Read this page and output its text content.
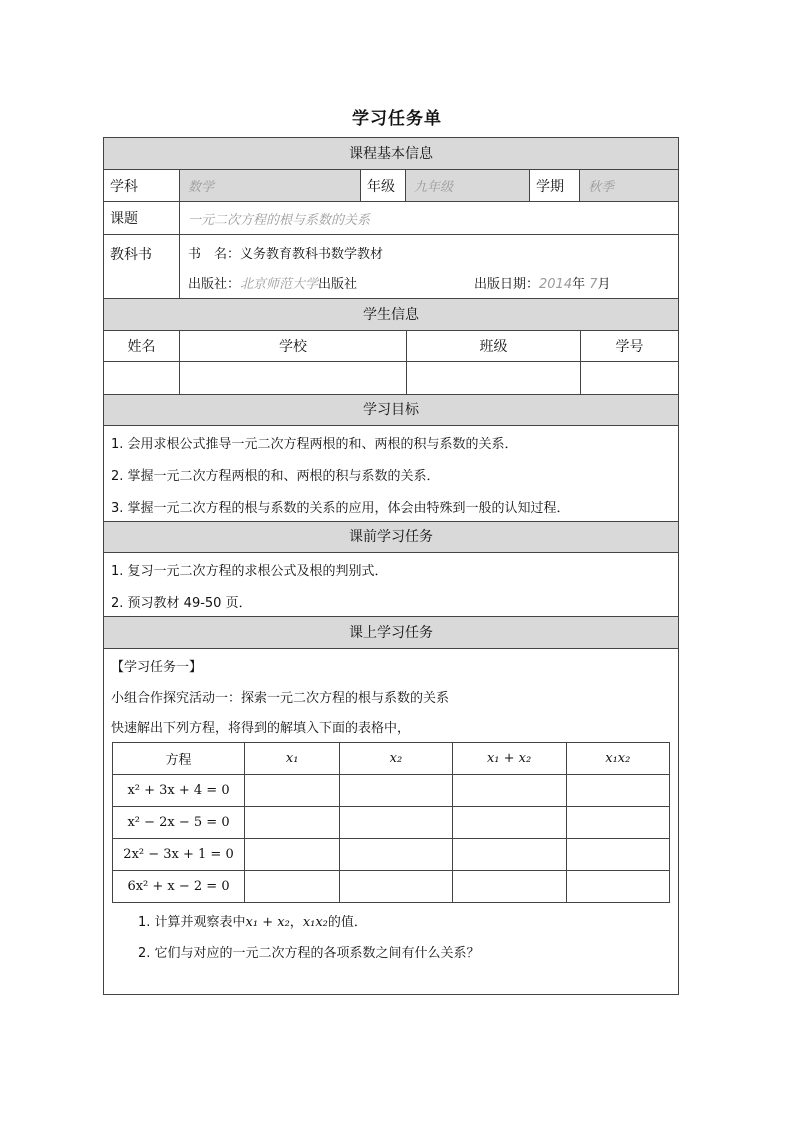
学习任务单
课程基本信息
学科	数学	年级	九年级	学期	秋季
课题	一元二次方程的根与系数的关系
教科书	书　名：义务教育教科书数学教材
出版社：北京师范大学出版社	出版日期：2014年 7月
学生信息
姓名	学校	班级	学号
学习目标
1. 会用求根公式推导一元二次方程两根的和、两根的积与系数的关系．
2. 掌握一元二次方程两根的和、两根的积与系数的关系．
3. 掌握一元二次方程的根与系数的关系的应用，体会由特殊到一般的认知过程．
课前学习任务
1. 复习一元二次方程的求根公式及根的判别式．
2. 预习教材 49-50 页．
课上学习任务
【学习任务一】
小组合作探究活动一：探索一元二次方程的根与系数的关系
快速解出下列方程，将得到的解填入下面的表格中，
方程	x₁	x₂	x₁ + x₂	x₁x₂
x² + 3x + 4 = 0				
x² − 2x − 5 = 0				
2x² − 3x + 1 = 0				
6x² + x − 2 = 0				
1. 计算并观察表中x₁ + x₂，x₁x₂的值．
2. 它们与对应的一元二次方程的各项系数之间有什么关系？
